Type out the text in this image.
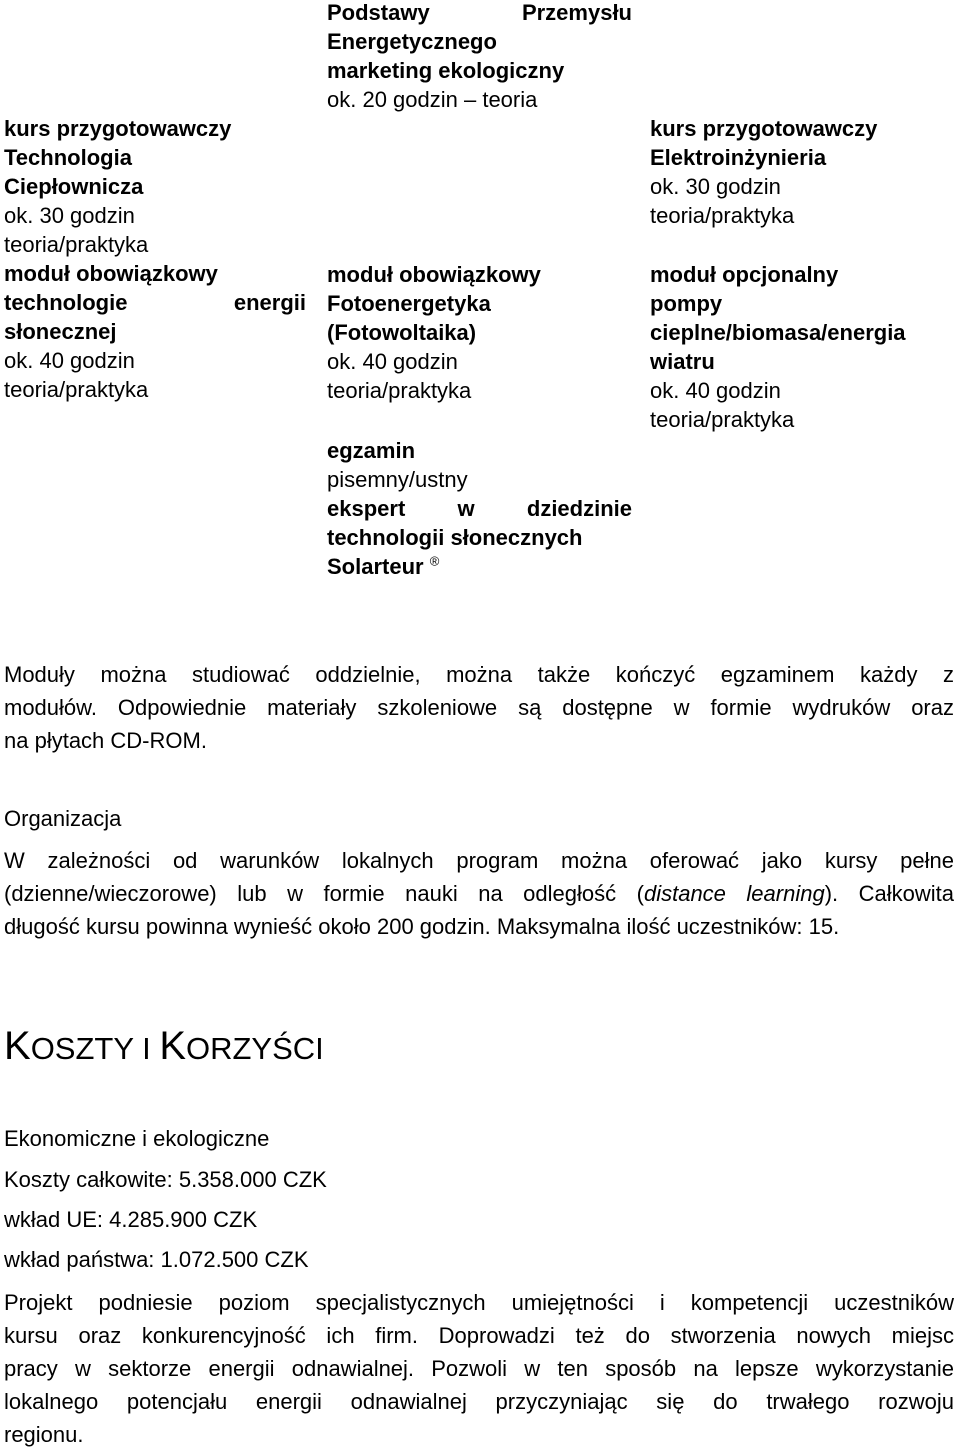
kurs przygotowawczy
Technologia
Ciepłownicza
ok. 30 godzin
teoria/praktyka
moduł obowiązkowy
technologie	energii
słonecznej
ok. 40 godzin
teoria/praktyka
Podstawy	Przemysłu
Energetycznego
marketing ekologiczny
ok. 20 godzin – teoria
moduł obowiązkowy
Fotoenergetyka
(Fotowoltaika)
ok. 40 godzin
teoria/praktyka
egzamin
pisemny/ustny
ekspert w dziedzinie
technologii słonecznych
Solarteur ®
kurs przygotowawczy
Elektroinżynieria
ok. 30 godzin
teoria/praktyka
moduł opcjonalny
pompy
cieplne/biomasa/energia
wiatru
ok. 40 godzin
teoria/praktyka
Moduły można studiować oddzielnie, można także kończyć egzaminem każdy z
modułów. Odpowiednie materiały szkoleniowe są dostępne w formie wydruków oraz
na płytach CD-ROM.
Organizacja
W zależności od warunków lokalnych program można oferować jako kursy pełne
(dzienne/wieczorowe) lub w formie nauki na odległość (distance learning). Całkowita
długość kursu powinna wynieść około 200 godzin. Maksymalna ilość uczestników: 15.
KOSZTY I KORZYŚCI
Ekonomiczne i ekologiczne
Koszty całkowite: 5.358.000 CZK
wkład UE: 4.285.900 CZK
wkład państwa: 1.072.500 CZK
Projekt podniesie poziom specjalistycznych umiejętności i kompetencji uczestników
kursu oraz konkurencyjność ich firm. Doprowadzi też do stworzenia nowych miejsc
pracy w sektorze energii odnawialnej. Pozwoli w ten sposób na lepsze wykorzystanie
lokalnego potencjału energii odnawialnej przyczyniając się do trwałego rozwoju
regionu.
